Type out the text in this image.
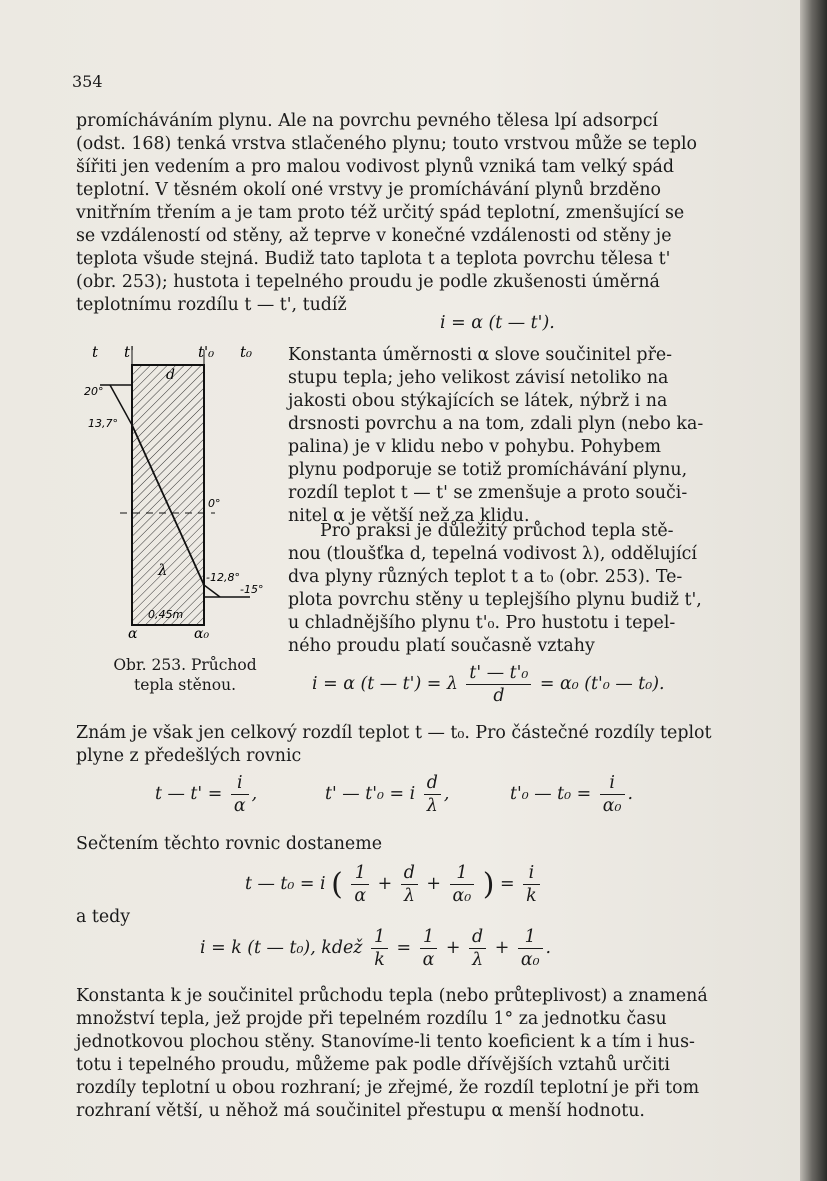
354
promícháváním plynu. Ale na povrchu pevného tělesa lpí adsorpcí
(odst. 168) tenká vrstva stlačeného plynu; touto vrstvou může se teplo
šířiti jen vedením a pro malou vodivost plynů vzniká tam velký spád
teplotní. V těsném okolí oné vrstvy je promíchávání plynů brzděno
vnitřním třením a je tam proto též určitý spád teplotní, zmenšující se
se vzdáleností od stěny, až teprve v konečné vzdálenosti od stěny je
teplota všude stejná. Budiž tato taplota t a teplota povrchu tělesa t'
(obr. 253); hustota i tepelného proudu je podle zkušenosti úměrná
teplotnímu rozdílu t — t', tudíž
i = α (t — t').
t t'	t'₀ t₀
d
λ
20°
13,7°
0°
-12,8°
-15°
0,45m
α	α₀
Obr. 253. Průchod
tepla stěnou.
Konstanta úměrnosti α slove součinitel pře-
stupu tepla; jeho velikost závisí netoliko na
jakosti obou stýkajících se látek, nýbrž i na
drsnosti povrchu a na tom, zdali plyn (nebo ka-
palina) je v klidu nebo v pohybu. Pohybem
plynu podporuje se totiž promíchávání plynu,
rozdíl teplot t — t' se zmenšuje a proto souči-
nitel α je větší než za klidu.
Pro praksi je důležitý průchod tepla stě-
nou (tloušťka d, tepelná vodivost λ), oddělující
dva plyny různých teplot t a t₀ (obr. 253). Te-
plota povrchu stěny u teplejšího plynu budiž t',
u chladnějšího plynu t'₀. Pro hustotu i tepel-
ného proudu platí současně vztahy
i = α (t — t') = λ $\frac{\text{t' — t'₀}}{d} = \alpha_0$ (t'₀ — t₀).
Znám je však jen celkový rozdíl teplot t — t₀. Pro částečné rozdíly teplot
plyne z předešlých rovnic
t — $t' = \frac{i}{\alpha}$ ,	t' — t'₀ = i $\frac{d}{\lambda}$ ,	t'₀ — $t_0 = \frac{i}{\text{α₀}}$ .
Sečtením těchto rovnic dostaneme
t — t₀ = i ( $\frac{1}{\alpha} + \frac{d}{\lambda} + \frac{1}{\text{α₀}}$ ) = $\frac{i}{k}$
a tedy
i = k (t — t₀), kdež $\frac{1}{k} = \frac{1}{\alpha} + \frac{d}{\lambda} + \frac{1}{\text{α₀}}$ .
Konstanta k je součinitel průchodu tepla (nebo průteplivost) a znamená
množství tepla, jež projde při tepelném rozdílu 1° za jednotku času
jednotkovou plochou stěny. Stanovíme-li tento koeficient k a tím i hus-
totu i tepelného proudu, můžeme pak podle dřívějších vztahů určiti
rozdíly teplotní u obou rozhraní; je zřejmé, že rozdíl teplotní je při tom
rozhraní větší, u něhož má součinitel přestupu α menší hodnotu.
